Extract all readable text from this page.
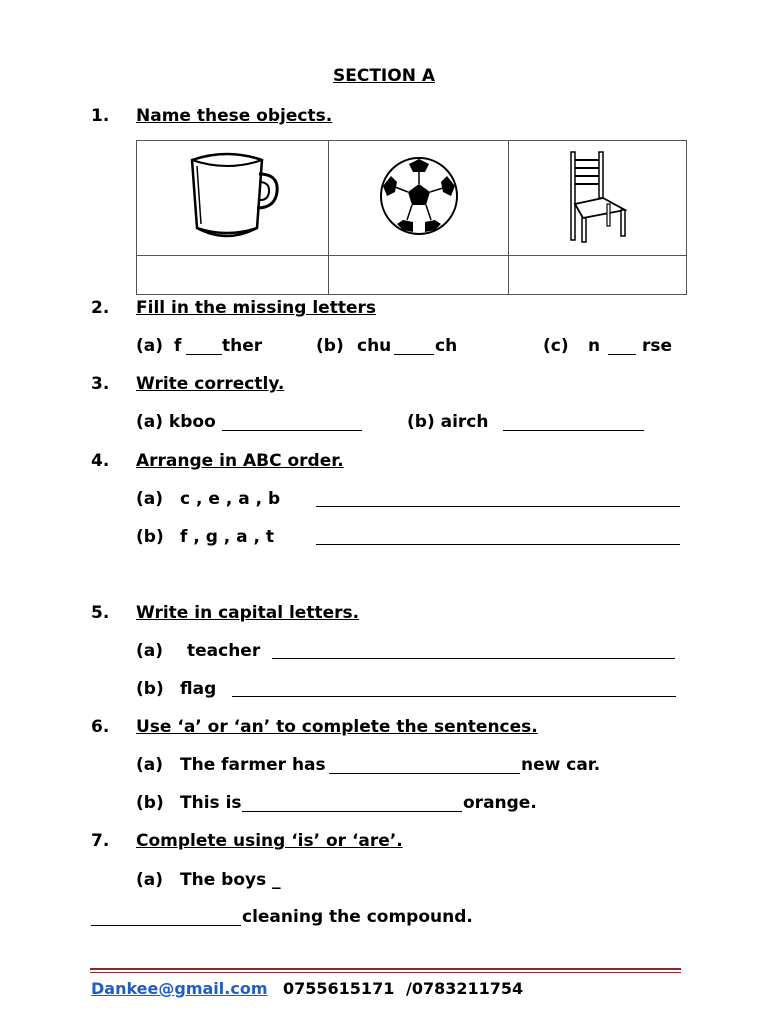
SECTION A
1. Name these objects.

2. Fill in the missing letters
(a) f ther	(b) chu	ch	(c) n rse
3. Write correctly.
(a) kboo	(b) airch
4. Arrange in ABC order.
(a) c , e , a , b
(b) f , g , a , t
5. Write in capital letters.
(a) teacher
(b) flag
6. Use ‘a’ or ‘an’ to complete the sentences.
(a) The farmer has	new car.
(b) This is	orange.
7. Complete using ‘is’ or ‘are’.
(a) The boys _
cleaning the compound.
Dankee@gmail.com 0755615171 /0783211754
